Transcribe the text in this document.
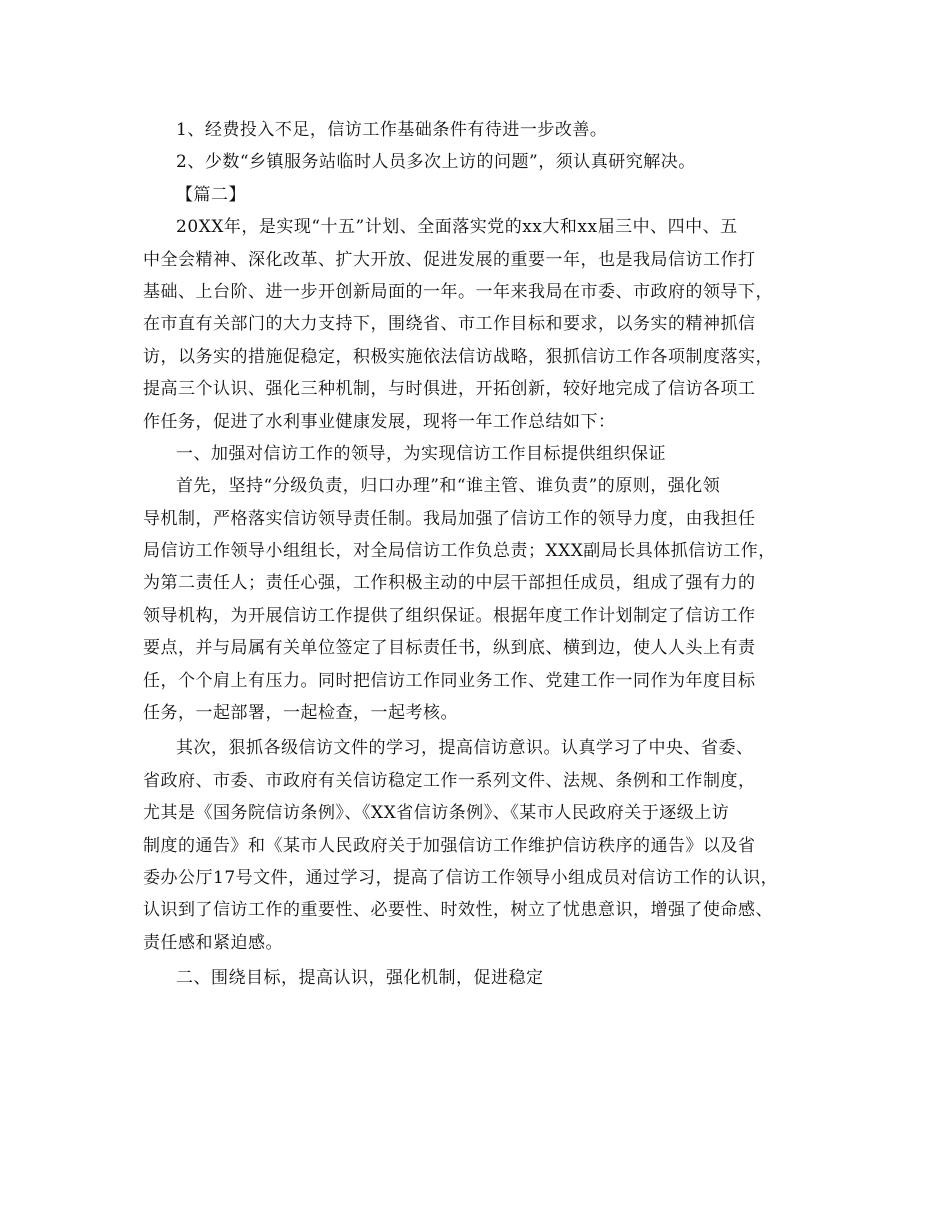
1、经费投入不足，信访工作基础条件有待进一步改善。
2、少数“乡镇服务站临时人员多次上访的问题”，须认真研究解决。
【篇二】
20XX年，是实现“十五”计划、全面落实党的xx大和xx届三中、四中、五
中全会精神、深化改革、扩大开放、促进发展的重要一年，也是我局信访工作打
基础、上台阶、进一步开创新局面的一年。一年来我局在市委、市政府的领导下，
在市直有关部门的大力支持下，围绕省、市工作目标和要求，以务实的精神抓信
访，以务实的措施促稳定，积极实施依法信访战略，狠抓信访工作各项制度落实，
提高三个认识、强化三种机制，与时俱进，开拓创新，较好地完成了信访各项工
作任务，促进了水利事业健康发展，现将一年工作总结如下：
一、加强对信访工作的领导，为实现信访工作目标提供组织保证
首先，坚持“分级负责，归口办理”和“谁主管、谁负责”的原则，强化领
导机制，严格落实信访领导责任制。我局加强了信访工作的领导力度，由我担任
局信访工作领导小组组长，对全局信访工作负总责；XXX副局长具体抓信访工作，
为第二责任人；责任心强，工作积极主动的中层干部担任成员，组成了强有力的
领导机构，为开展信访工作提供了组织保证。根据年度工作计划制定了信访工作
要点，并与局属有关单位签定了目标责任书，纵到底、横到边，使人人头上有责
任，个个肩上有压力。同时把信访工作同业务工作、党建工作一同作为年度目标
任务，一起部署，一起检查，一起考核。
其次，狠抓各级信访文件的学习，提高信访意识。认真学习了中央、省委、
省政府、市委、市政府有关信访稳定工作一系列文件、法规、条例和工作制度，
尤其是《国务院信访条例》、《XX省信访条例》、《某市人民政府关于逐级上访
制度的通告》和《某市人民政府关于加强信访工作维护信访秩序的通告》以及省
委办公厅17号文件，通过学习，提高了信访工作领导小组成员对信访工作的认识，
认识到了信访工作的重要性、必要性、时效性，树立了忧患意识，增强了使命感、
责任感和紧迫感。
二、围绕目标，提高认识，强化机制，促进稳定
